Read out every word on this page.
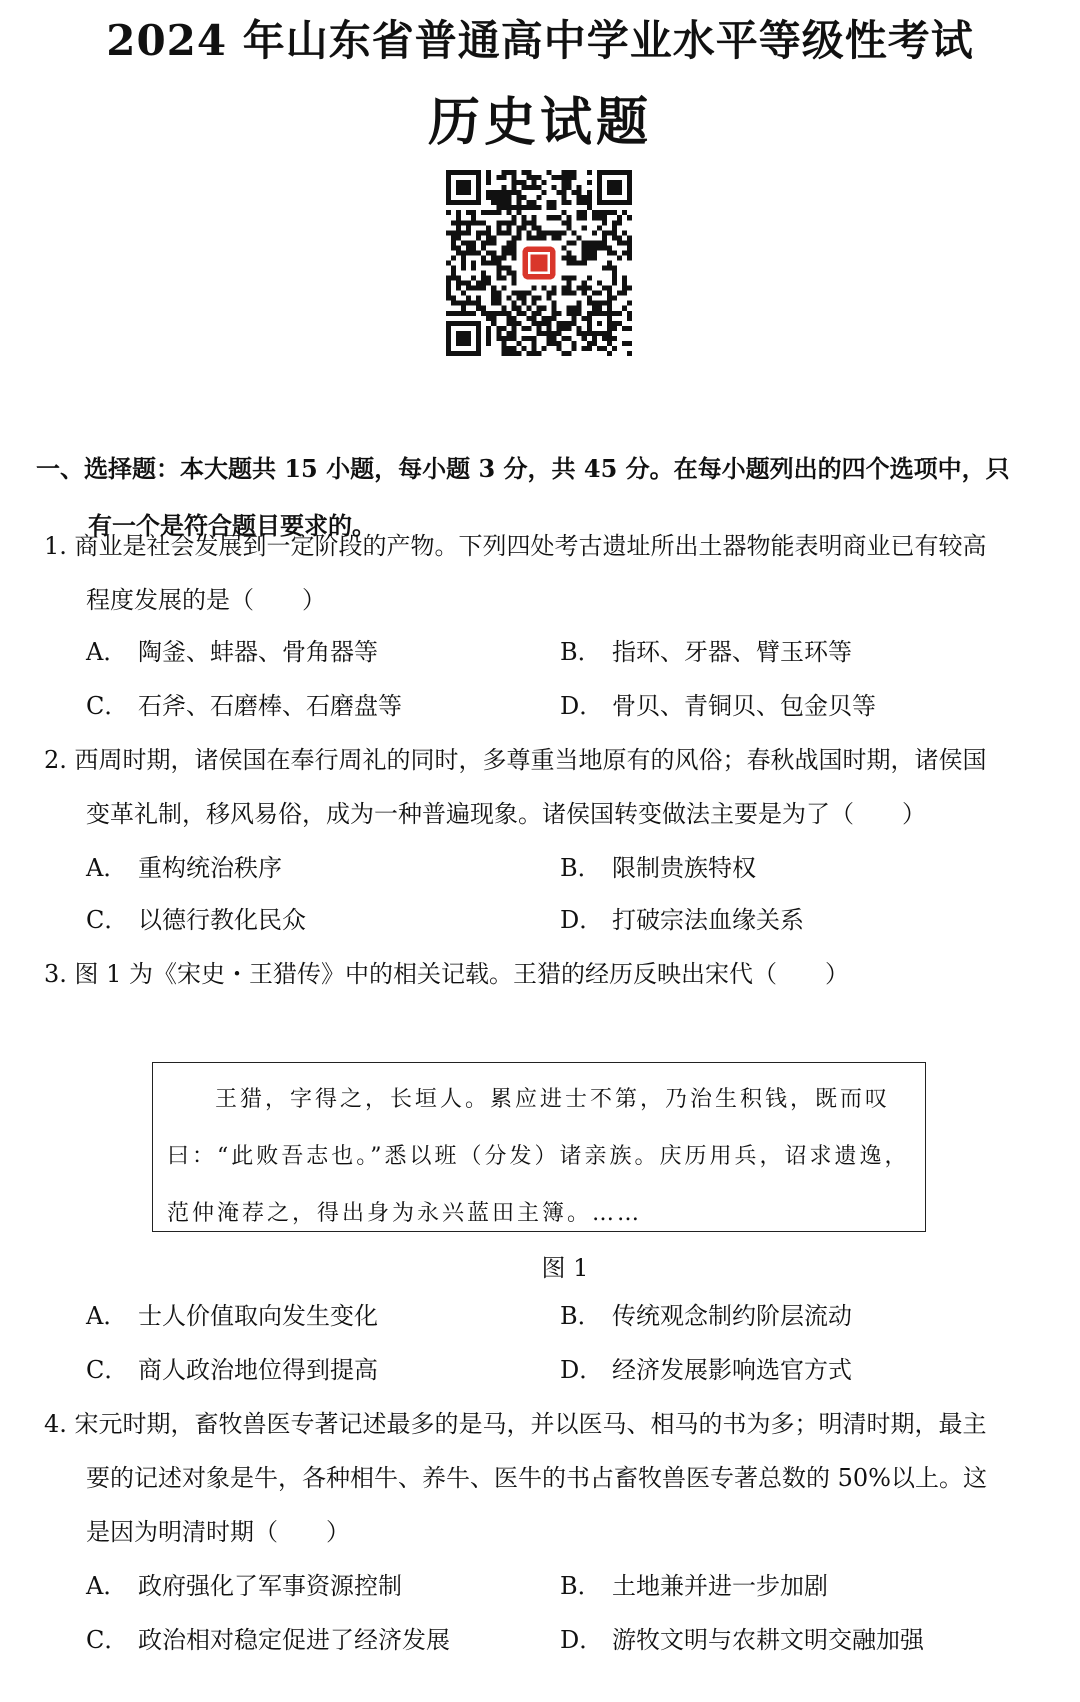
2024 年山东省普通高中学业水平等级性考试
历史试题
一、选择题：本大题共 15 小题，每小题 3 分，共 45 分。在每小题列出的四个选项中，只
有一个是符合题目要求的。
1. 商业是社会发展到一定阶段的产物。下列四处考古遗址所出土器物能表明商业已有较高
程度发展的是（　　）
A． 陶釜、蚌器、骨角器等	B． 指环、牙器、臂玉环等
C． 石斧、石磨棒、石磨盘等	D． 骨贝、青铜贝、包金贝等
2. 西周时期，诸侯国在奉行周礼的同时，多尊重当地原有的风俗；春秋战国时期，诸侯国
变革礼制，移风易俗，成为一种普遍现象。诸侯国转变做法主要是为了（　　）
A． 重构统治秩序	B． 限制贵族特权
C． 以德行教化民众	D． 打破宗法血缘关系
3. 图 1 为《宋史・王猎传》中的相关记载。王猎的经历反映出宋代（　　）
王猎，字得之，长垣人。累应进士不第，乃治生积钱，既而叹
曰：“此败吾志也。”悉以班（分发）诸亲族。庆历用兵，诏求遗逸，
范仲淹荐之，得出身为永兴蓝田主簿。……
图 1
A． 士人价值取向发生变化	B． 传统观念制约阶层流动
C． 商人政治地位得到提高	D． 经济发展影响选官方式
4. 宋元时期，畜牧兽医专著记述最多的是马，并以医马、相马的书为多；明清时期，最主
要的记述对象是牛，各种相牛、养牛、医牛的书占畜牧兽医专著总数的 50%以上。这
是因为明清时期（　　）
A． 政府强化了军事资源控制	B． 土地兼并进一步加剧
C． 政治相对稳定促进了经济发展	D． 游牧文明与农耕文明交融加强
